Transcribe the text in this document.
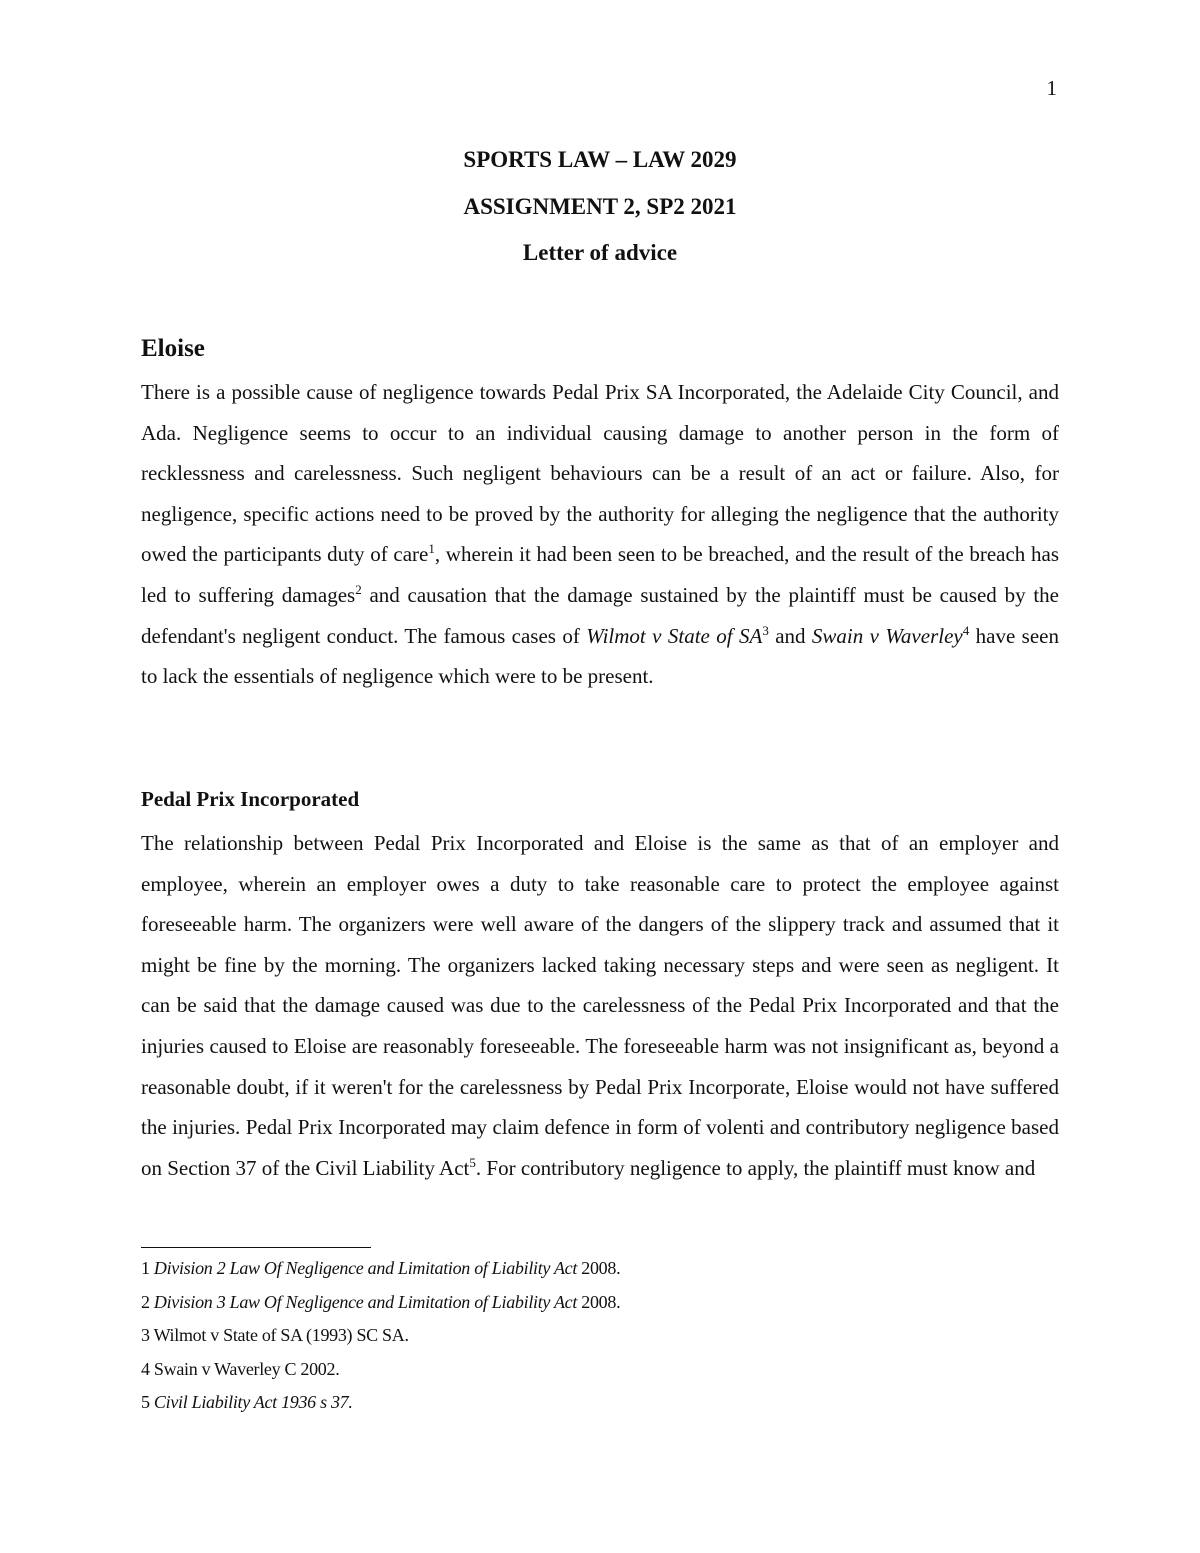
1
SPORTS LAW – LAW 2029
ASSIGNMENT 2, SP2 2021
Letter of advice
Eloise

There is a possible cause of negligence towards Pedal Prix SA Incorporated, the Adelaide City Council, and Ada. Negligence seems to occur to an individual causing damage to another person in the form of recklessness and carelessness. Such negligent behaviours can be a result of an act or failure. Also, for negligence, specific actions need to be proved by the authority for alleging the negligence that the authority owed the participants duty of care$^1$, wherein it had been seen to be breached, and the result of the breach has led to suffering damages$^2$ and causation that the damage sustained by the plaintiff must be caused by the defendant's negligent conduct. The famous cases of Wilmot v State of $SA^3$ and Swain v Waverley$^4$ have seen to lack the essentials of negligence which were to be present.

Pedal Prix Incorporated

The relationship between Pedal Prix Incorporated and Eloise is the same as that of an employer and employee, wherein an employer owes a duty to take reasonable care to protect the employee against foreseeable harm. The organizers were well aware of the dangers of the slippery track and assumed that it might be fine by the morning. The organizers lacked taking necessary steps and were seen as negligent. It can be said that the damage caused was due to the carelessness of the Pedal Prix Incorporated and that the injuries caused to Eloise are reasonably foreseeable. The foreseeable harm was not insignificant as, beyond a reasonable doubt, if it weren't for the carelessness by Pedal Prix Incorporate, Eloise would not have suffered the injuries. Pedal Prix Incorporated may claim defence in form of volenti and contributory negligence based on Section 37 of the Civil Liability Act$^5$. For contributory negligence to apply, the plaintiff must know and

1 Division 2 Law Of Negligence and Limitation of Liability Act 2008.
2 Division 3 Law Of Negligence and Limitation of Liability Act 2008.
3 Wilmot v State of SA (1993) SC SA.
4 Swain v Waverley C 2002.
5 Civil Liability Act 1936 s 37.
